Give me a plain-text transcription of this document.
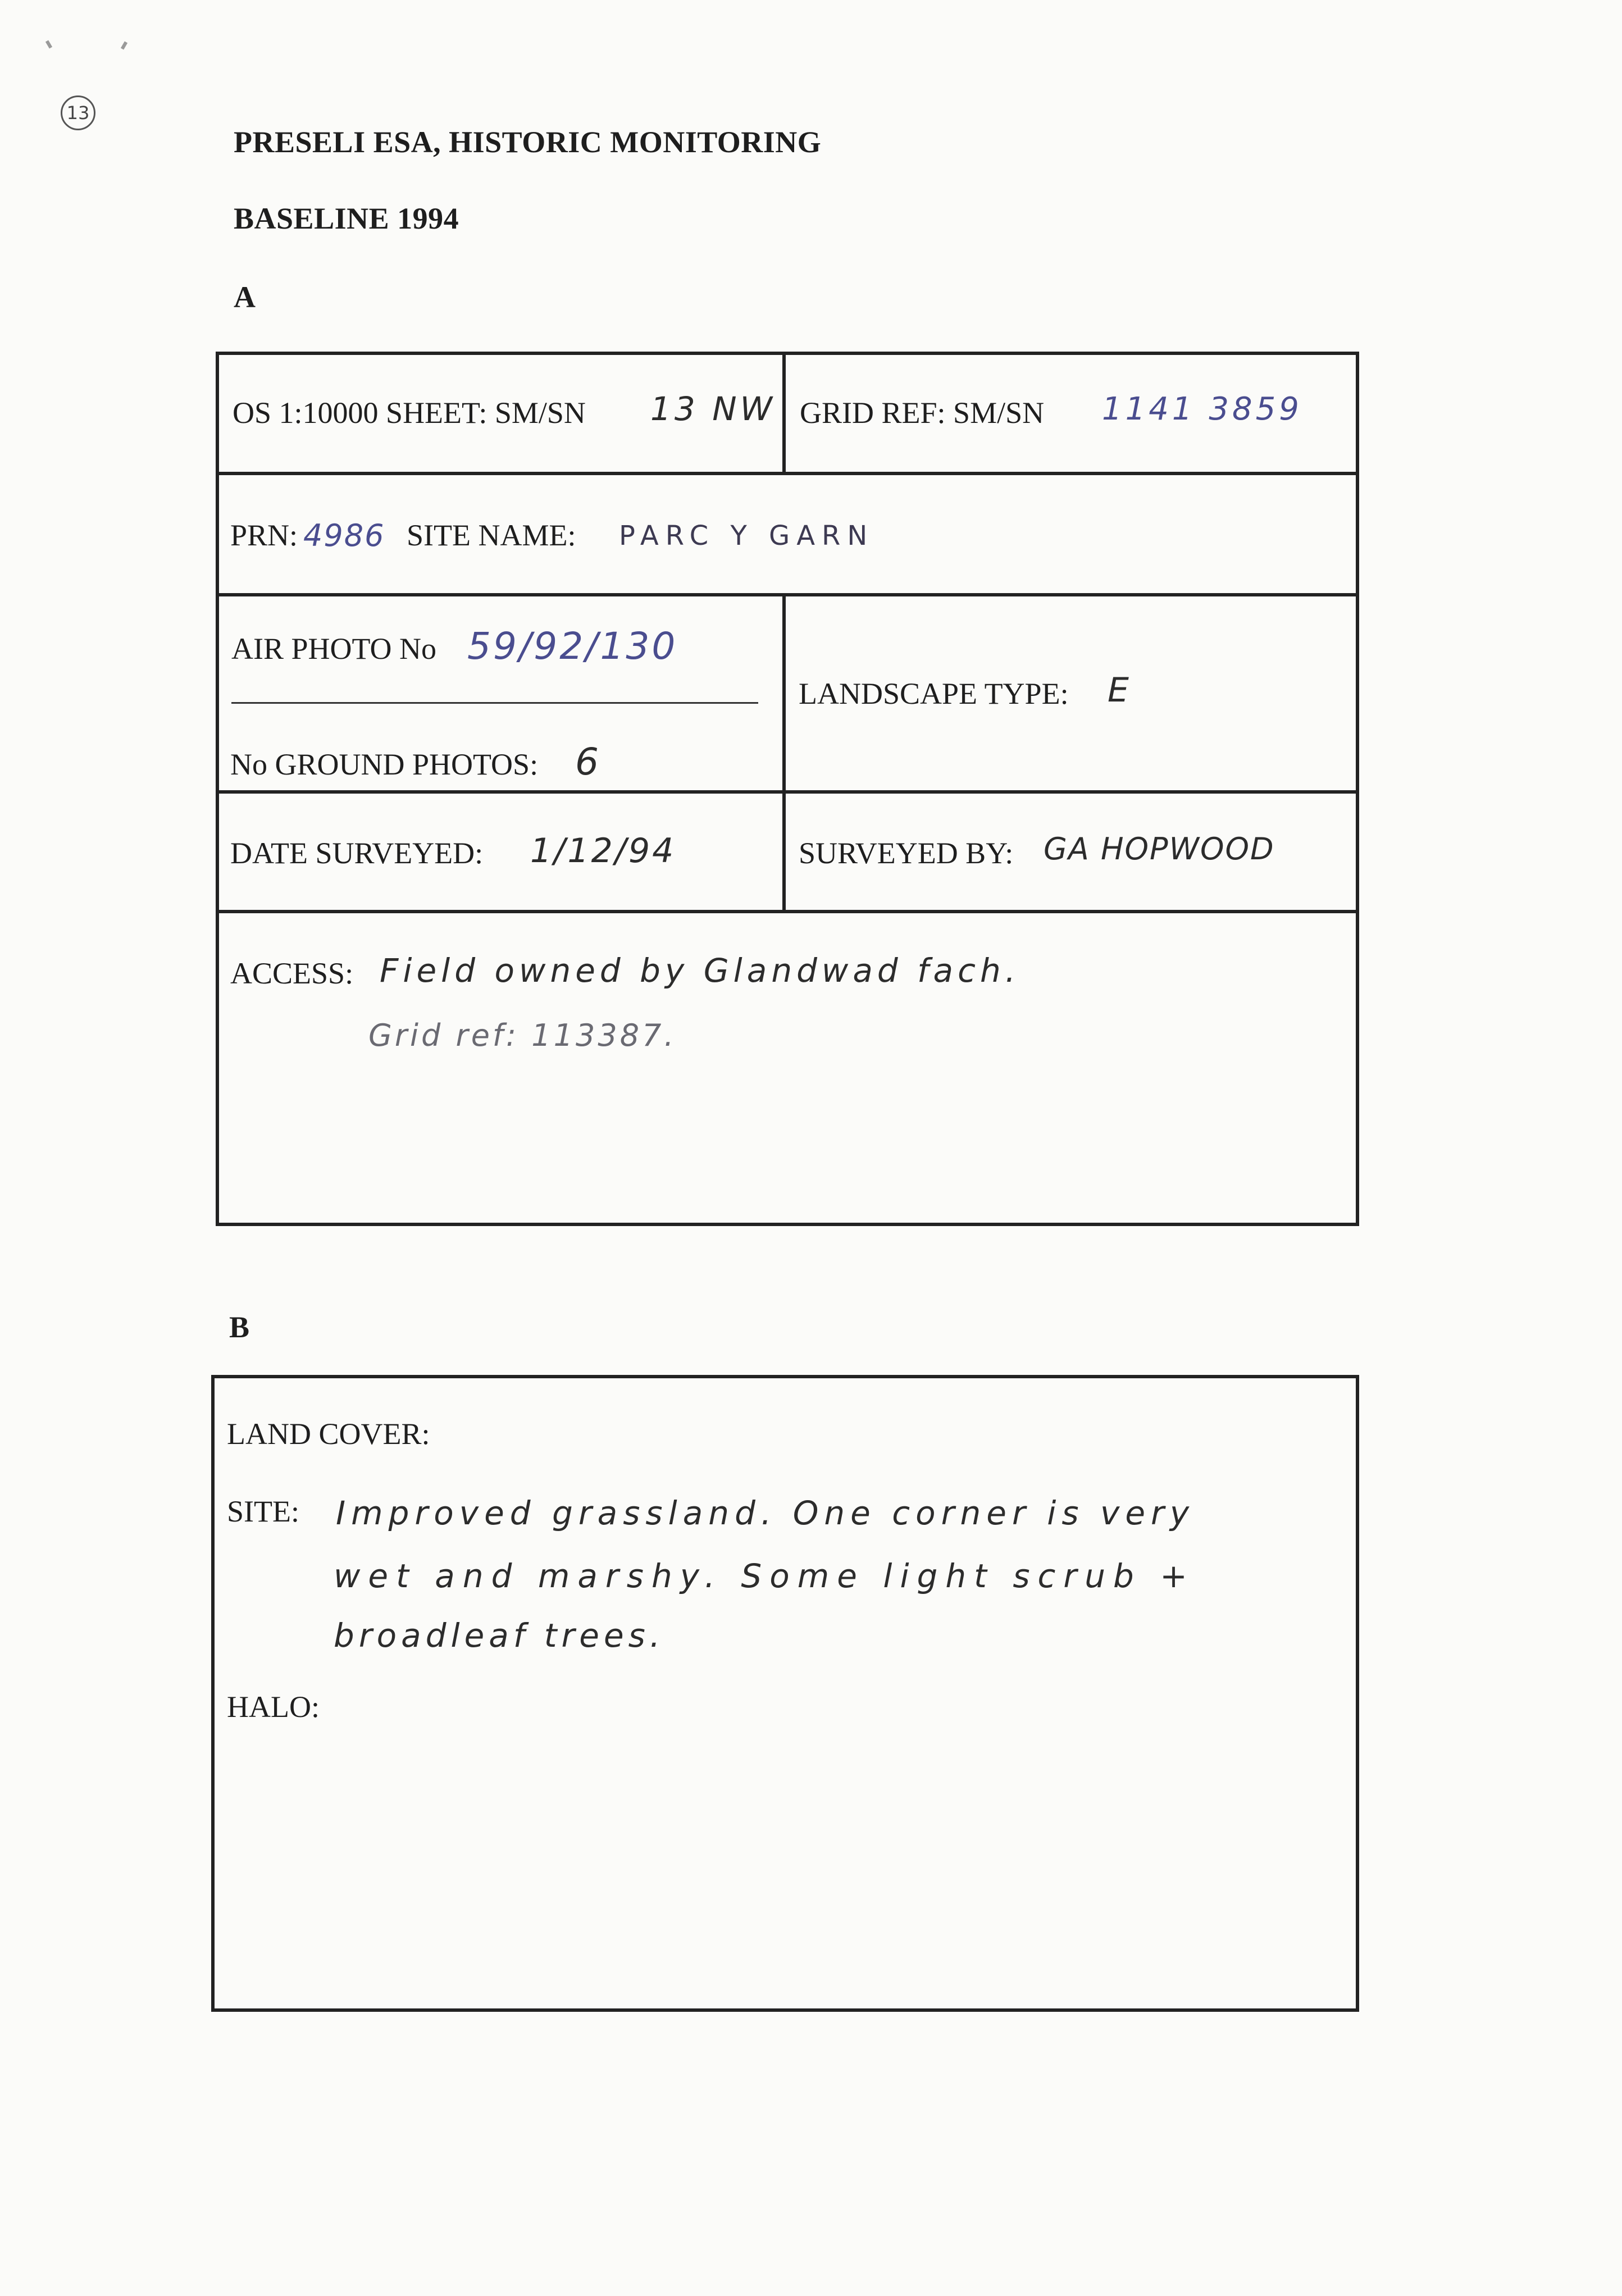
13
PRESELI ESA, HISTORIC MONITORING
BASELINE 1994
A
OS 1:10000 SHEET: SM/SN 13 NW GRID REF: SM/SN 1141 3859
PRN: 4986 SITE NAME: PARC Y GARN
AIR PHOTO No 59/92/130
No GROUND PHOTOS: 6
LANDSCAPE TYPE: E
DATE SURVEYED: 1/12/94	SURVEYED BY: GA HOPWOOD
ACCESS: Field owned by Glandwad fach.
Grid ref: 113387.
B
LAND COVER:
SITE: Improved grassland. One corner is very
wet and marshy. Some light scrub +
broadleaf trees.
HALO:
